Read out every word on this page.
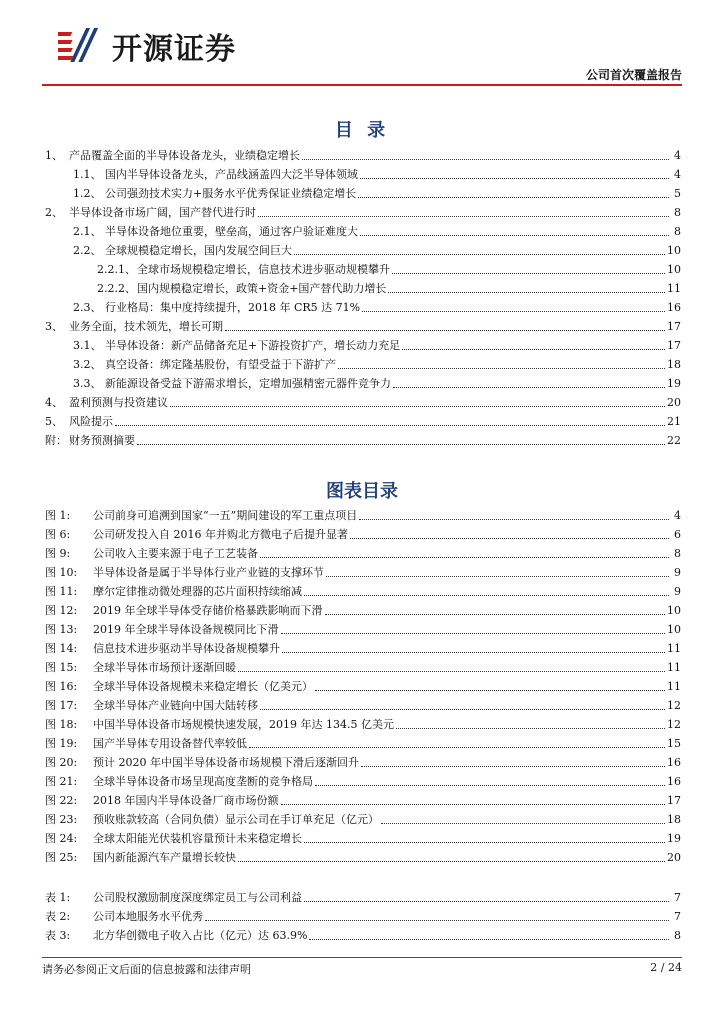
开源证券
公司首次覆盖报告
目 录
1、 产品覆盖全面的半导体设备龙头，业绩稳定增长	4
1.1、 国内半导体设备龙头，产品线涵盖四大泛半导体领域	4
1.2、 公司强劲技术实力+服务水平优秀保证业绩稳定增长	5
2、 半导体设备市场广阔，国产替代进行时	8
2.1、 半导体设备地位重要，壁垒高，通过客户验证难度大	8
2.2、 全球规模稳定增长，国内发展空间巨大	10
2.2.1、 全球市场规模稳定增长，信息技术进步驱动规模攀升	10
2.2.2、 国内规模稳定增长，政策+资金+国产替代助力增长	11
2.3、 行业格局：集中度持续提升，2018 年 CR5 达 71%	16
3、 业务全面，技术领先，增长可期	17
3.1、 半导体设备：新产品储备充足+下游投资扩产，增长动力充足	17
3.2、 真空设备：绑定隆基股份，有望受益于下游扩产	18
3.3、 新能源设备受益下游需求增长，定增加强精密元器件竞争力	19
4、 盈利预测与投资建议	20
5、 风险提示	21
附： 财务预测摘要	22
图表目录
图 1:	公司前身可追溯到国家“一五”期间建设的军工重点项目	4
图 6:	公司研发投入自 2016 年并购北方微电子后提升显著	6
图 9:	公司收入主要来源于电子工艺装备	8
图 10:	半导体设备是属于半导体行业产业链的支撑环节	9
图 11:	摩尔定律推动微处理器的芯片面积持续缩减	9
图 12:	2019 年全球半导体受存储价格暴跌影响而下滑	10
图 13:	2019 年全球半导体设备规模同比下滑	10
图 14:	信息技术进步驱动半导体设备规模攀升	11
图 15:	全球半导体市场预计逐渐回暖	11
图 16:	全球半导体设备规模未来稳定增长（亿美元）	11
图 17:	全球半导体产业链向中国大陆转移	12
图 18:	中国半导体设备市场规模快速发展，2019 年达 134.5 亿美元	12
图 19:	国产半导体专用设备替代率较低	15
图 20:	预计 2020 年中国半导体设备市场规模下滑后逐渐回升	16
图 21:	全球半导体设备市场呈现高度垄断的竞争格局	16
图 22:	2018 年国内半导体设备厂商市场份额	17
图 23:	预收账款较高（合同负债）显示公司在手订单充足（亿元）	18
图 24:	全球太阳能光伏装机容量预计未来稳定增长	19
图 25:	国内新能源汽车产量增长较快	20
表 1:	公司股权激励制度深度绑定员工与公司利益	7
表 2:	公司本地服务水平优秀	7
表 3:	北方华创微电子收入占比（亿元）达 63.9%	8
请务必参阅正文后面的信息披露和法律声明	2 / 24
